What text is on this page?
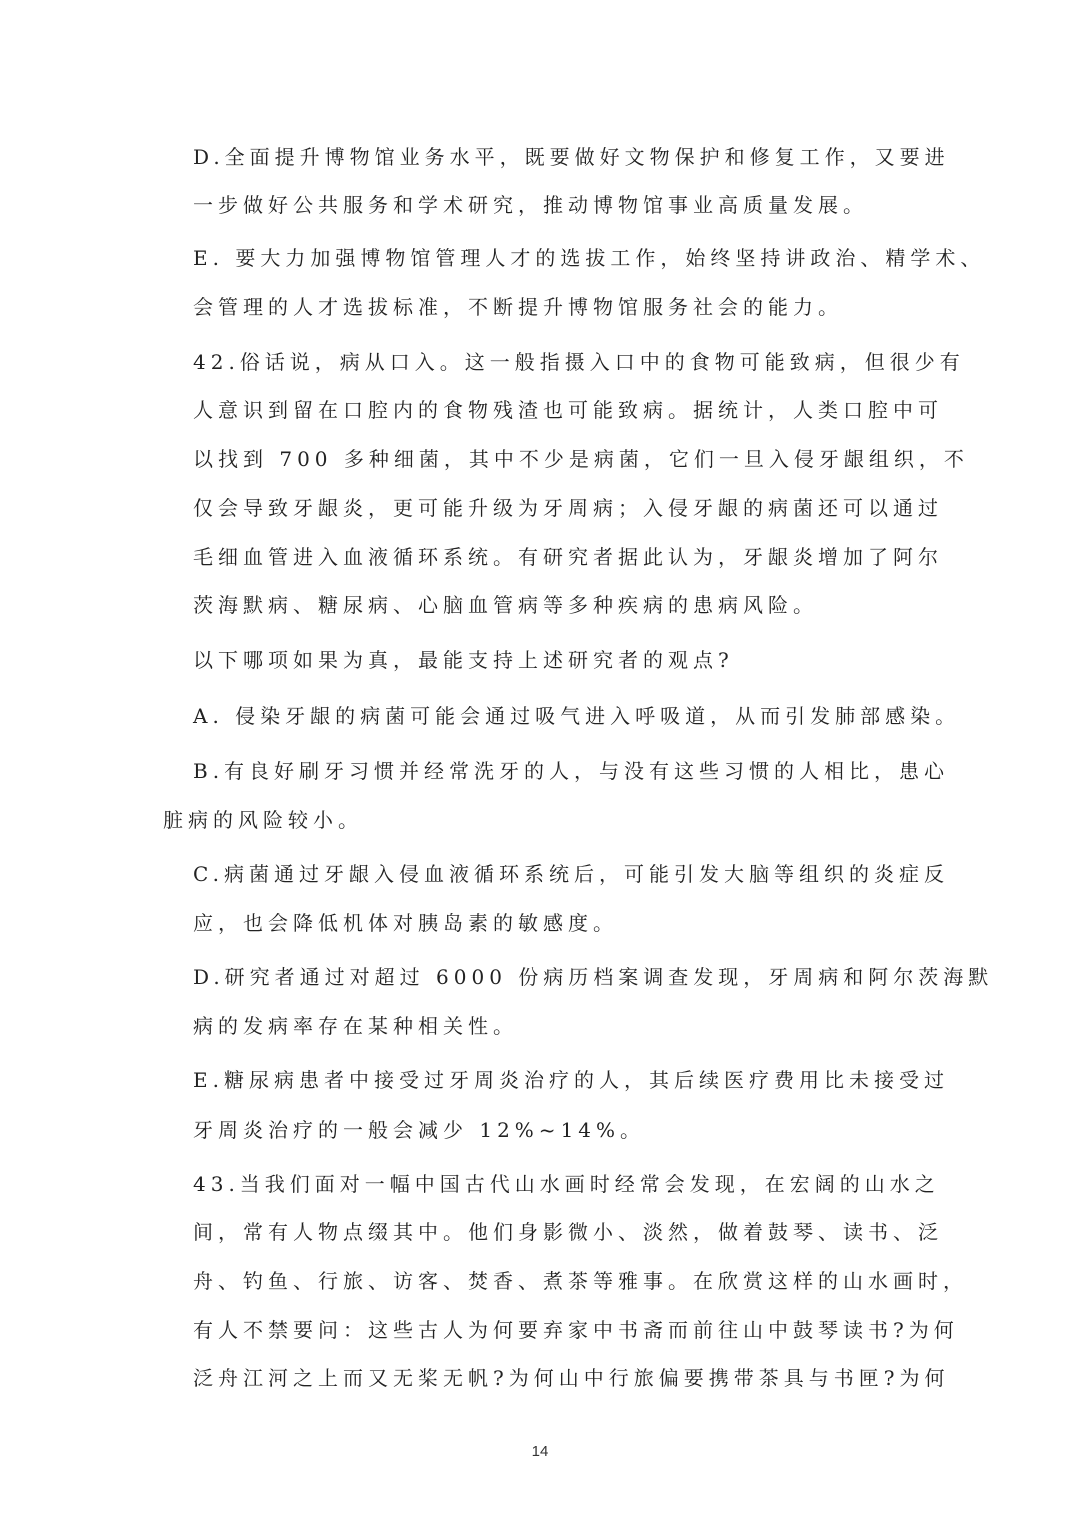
D.全面提升博物馆业务水平，既要做好文物保护和修复工作，又要进
一步做好公共服务和学术研究，推动博物馆事业高质量发展。
E. 要大力加强博物馆管理人才的选拔工作，始终坚持讲政治、精学术、
会管理的人才选拔标准，不断提升博物馆服务社会的能力。
42.俗话说，病从口入。这一般指摄入口中的食物可能致病，但很少有
人意识到留在口腔内的食物残渣也可能致病。据统计，人类口腔中可
以找到 700 多种细菌，其中不少是病菌，它们一旦入侵牙龈组织，不
仅会导致牙龈炎，更可能升级为牙周病；入侵牙龈的病菌还可以通过
毛细血管进入血液循环系统。有研究者据此认为，牙龈炎增加了阿尔
茨海默病、糖尿病、心脑血管病等多种疾病的患病风险。
以下哪项如果为真，最能支持上述研究者的观点?
A. 侵染牙龈的病菌可能会通过吸气进入呼吸道，从而引发肺部感染。
B.有良好刷牙习惯并经常洗牙的人，与没有这些习惯的人相比，患心
脏病的风险较小。
C.病菌通过牙龈入侵血液循环系统后，可能引发大脑等组织的炎症反
应，也会降低机体对胰岛素的敏感度。
D.研究者通过对超过 6000 份病历档案调查发现，牙周病和阿尔茨海默
病的发病率存在某种相关性。
E.糖尿病患者中接受过牙周炎治疗的人，其后续医疗费用比未接受过
牙周炎治疗的一般会减少 12%~14%。
43.当我们面对一幅中国古代山水画时经常会发现，在宏阔的山水之
间，常有人物点缀其中。他们身影微小、淡然，做着鼓琴、读书、泛
舟、钓鱼、行旅、访客、焚香、煮茶等雅事。在欣赏这样的山水画时，
有人不禁要问：这些古人为何要弃家中书斋而前往山中鼓琴读书?为何
泛舟江河之上而又无桨无帆?为何山中行旅偏要携带茶具与书匣?为何
14
